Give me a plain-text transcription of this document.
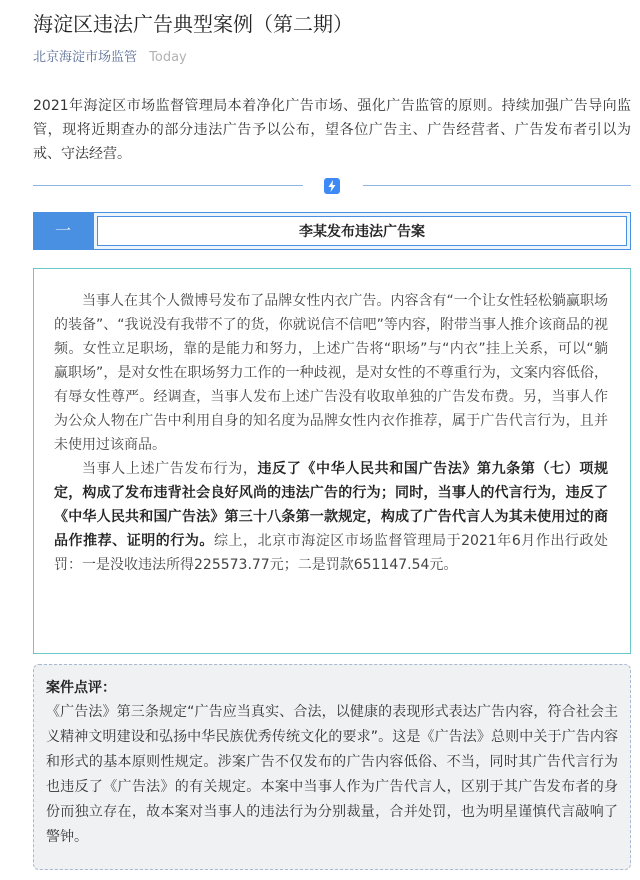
海淀区违法广告典型案例（第二期）
北京海淀市场监管 Today

2021年海淀区市场监督管理局本着净化广告市场、强化广告监管的原则。持续加强广告导向监管，现将近期查办的部分违法广告予以公布，望各位广告主、广告经营者、广告发布者引以为戒、守法经营。

一	李某发布违法广告案

当事人在其个人微博号发布了品牌女性内衣广告。内容含有“一个让女性轻松躺赢职场的装备”、“我说没有我带不了的货，你就说信不信吧”等内容，附带当事人推介该商品的视频。女性立足职场，靠的是能力和努力，上述广告将“职场”与“内衣”挂上关系，可以“躺赢职场”，是对女性在职场努力工作的一种歧视，是对女性的不尊重行为，文案内容低俗，有辱女性尊严。经调查，当事人发布上述广告没有收取单独的广告发布费。另，当事人作为公众人物在广告中利用自身的知名度为品牌女性内衣作推荐，属于广告代言行为，且并未使用过该商品。

当事人上述广告发布行为，违反了《中华人民共和国广告法》第九条第（七）项规定，构成了发布违背社会良好风尚的违法广告的行为；同时，当事人的代言行为，违反了《中华人民共和国广告法》第三十八条第一款规定，构成了广告代言人为其未使用过的商品作推荐、证明的行为。综上，北京市海淀区市场监督管理局于2021年6月作出行政处罚：一是没收违法所得225573.77元；二是罚款651147.54元。

案件点评：
《广告法》第三条规定“广告应当真实、合法，以健康的表现形式表达广告内容，符合社会主义精神文明建设和弘扬中华民族优秀传统文化的要求”。这是《广告法》总则中关于广告内容和形式的基本原则性规定。涉案广告不仅发布的广告内容低俗、不当，同时其广告代言行为也违反了《广告法》的有关规定。本案中当事人作为广告代言人，区别于其广告发布者的身份而独立存在，故本案对当事人的违法行为分别裁量，合并处罚，也为明星谨慎代言敲响了警钟。
